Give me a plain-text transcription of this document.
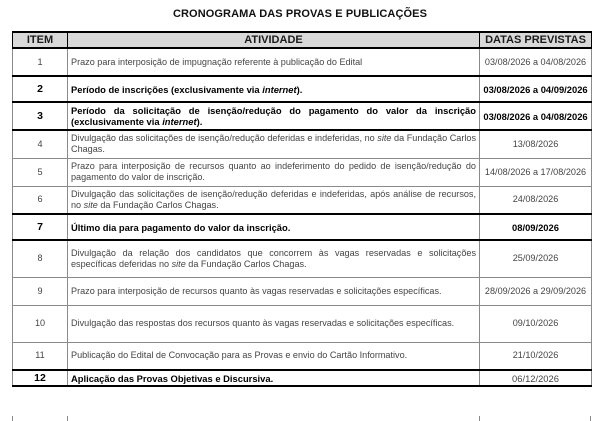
CRONOGRAMA DAS PROVAS E PUBLICAÇÕES
ITEM	ATIVIDADE	DATAS PREVISTAS
1	Prazo para interposição de impugnação referente à publicação do Edital	03/08/2026 a 04/08/2026
2	Período de inscrições (exclusivamente via internet).	03/08/2026 a 04/09/2026
3	Período da solicitação de isenção/redução do pagamento do valor da inscrição (exclusivamente via internet).	03/08/2026 a 04/08/2026
4	Divulgação das solicitações de isenção/redução deferidas e indeferidas, no site da Fundação Carlos Chagas.	13/08/2026
5	Prazo para interposição de recursos quanto ao indeferimento do pedido de isenção/redução do pagamento do valor de inscrição.	14/08/2026 a 17/08/2026
6	Divulgação das solicitações de isenção/redução deferidas e indeferidas, após análise de recursos, no site da Fundação Carlos Chagas.	24/08/2026
7	Último dia para pagamento do valor da inscrição.	08/09/2026
8	Divulgação da relação dos candidatos que concorrem às vagas reservadas e solicitações específicas deferidas no site da Fundação Carlos Chagas.	25/09/2026
9	Prazo para interposição de recursos quanto às vagas reservadas e solicitações específicas.	28/09/2026 a 29/09/2026
10	Divulgação das respostas dos recursos quanto às vagas reservadas e solicitações específicas.	09/10/2026
11	Publicação do Edital de Convocação para as Provas e envio do Cartão Informativo.	21/10/2026
12	Aplicação das Provas Objetivas e Discursiva.	06/12/2026
